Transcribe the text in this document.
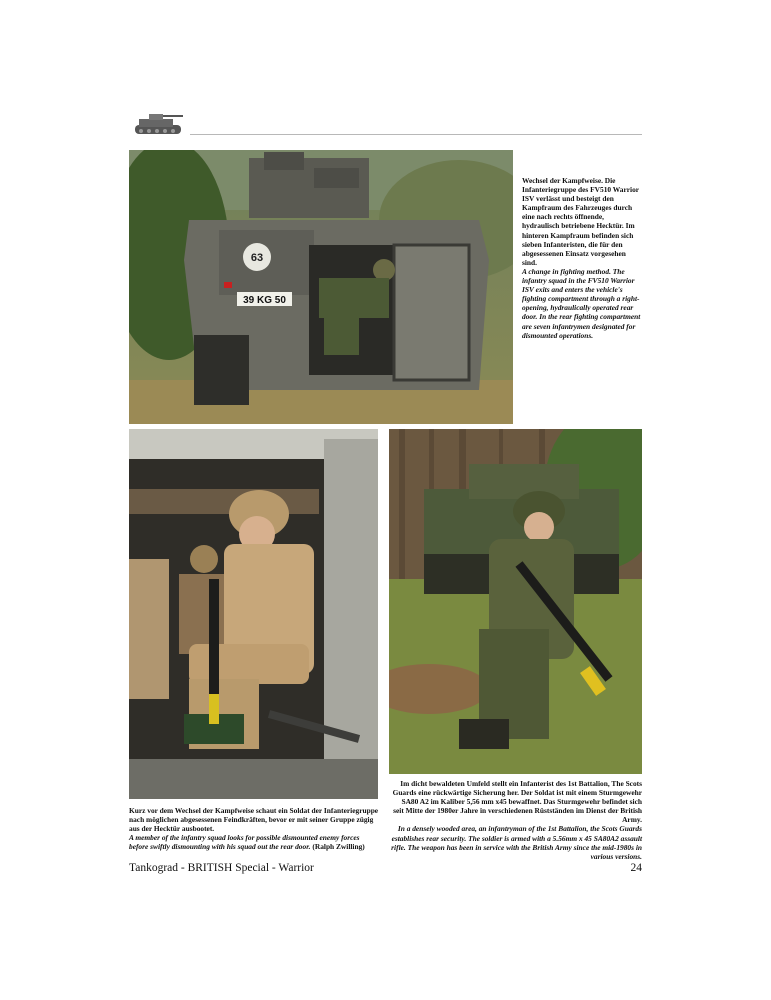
39 KG 50
63

Wechsel der Kampfweise. Die Infanteriegruppe des FV510 Warrior ISV verlässt und besteigt den Kampfraum des Fahrzeuges durch eine nach rechts öffnende, hydraulisch betriebene Hecktür. Im hinteren Kampfraum befinden sich sieben Infanteristen, die für den abgesessenen Einsatz vorgesehen sind.

A change in fighting method. The infantry squad in the FV510 Warrior ISV exits and enters the vehicle's fighting compartment through a right-opening, hydraulically operated rear door. In the rear fighting compartment are seven infantrymen designated for dismounted operations.

Kurz vor dem Wechsel der Kampfweise schaut ein Soldat der Infanteriegruppe nach möglichen abgesessenen Feindkräften, bevor er mit seiner Gruppe zügig aus der Hecktür ausbootet.

A member of the infantry squad looks for possible dismounted enemy forces before swiftly dismounting with his squad out the rear door. (Ralph Zwilling)

Im dicht bewaldeten Umfeld stellt ein Infanterist des 1st Battalion, The Scots Guards eine rückwärtige Sicherung her. Der Soldat ist mit einem Sturmgewehr SA80 A2 im Kaliber 5,56 mm x45 bewaffnet. Das Sturmgewehr befindet sich seit Mitte der 1980er Jahre in verschiedenen Rüstständen im Dienst der British Army.

In a densely wooded area, an infantryman of the 1st Battalion, the Scots Guards establishes rear security. The soldier is armed with a 5.56mm x 45 SA80A2 assault rifle. The weapon has been in service with the British Army since the mid-1980s in various versions.

Tankograd - BRITISH Special - Warrior	24
